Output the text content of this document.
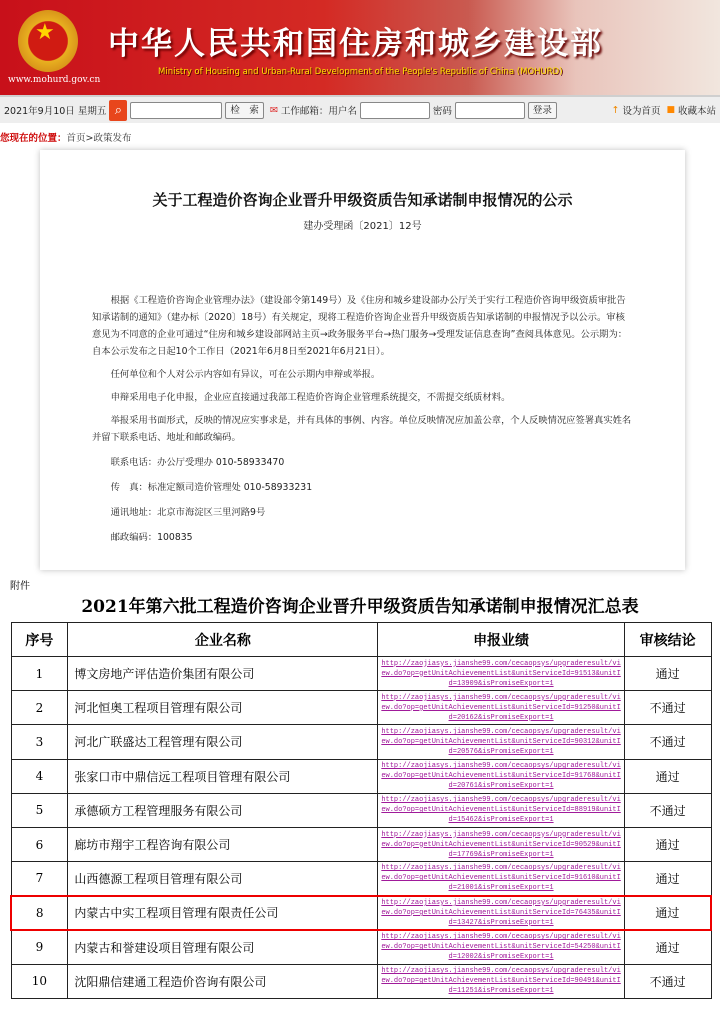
★
www.mohurd.gov.cn
中华人民共和国住房和城乡建设部
Ministry of Housing and Urban-Rural Development of the People's Republic of China (MOHURD)
2021年9月10日 星期五 ⌕	检　索	✉ 工作邮箱：用户名	密码	登录	↑ 设为首页 ■ 收藏本站
您现在的位置：首页>政策发布
关于工程造价咨询企业晋升甲级资质告知承诺制申报情况的公示
建办受理函〔2021〕12号
根据《工程造价咨询企业管理办法》（建设部令第149号）及《住房和城乡建设部办公厅关于实行工程造价咨询甲级资质审批告知承诺制的通知》（建办标〔2020〕18号）有关规定，现将工程造价咨询企业晋升甲级资质告知承诺制的申报情况予以公示。审核意见为不同意的企业可通过“住房和城乡建设部网站主页→政务服务平台→热门服务→受理发证信息查询”查阅具体意见。公示期为：自本公示发布之日起10个工作日（2021年6月8日至2021年6月21日）。
任何单位和个人对公示内容如有异议，可在公示期内申辩或举报。
申辩采用电子化申报，企业应直接通过我部工程造价咨询企业管理系统提交，不需提交纸质材料。
举报采用书面形式，反映的情况应实事求是，并有具体的事例、内容。单位反映情况应加盖公章，个人反映情况应签署真实姓名并留下联系电话、地址和邮政编码。
联系电话：办公厅受理办 010-58933470
传　真：标准定额司造价管理处 010-58933231
通讯地址：北京市海淀区三里河路9号
邮政编码：100835
附件
2021年第六批工程造价咨询企业晋升甲级资质告知承诺制申报情况汇总表
序号	企业名称	申报业绩	审核结论
1	博文房地产评估造价集团有限公司	http://zaojiasys.jianshe99.com/cecaopsys/upgraderesult/view.do?op=getUnitAchievementList&unitServiceId=91513&unitId=13909&isPromiseExport=1	通过
2	河北恒奥工程项目管理有限公司	http://zaojiasys.jianshe99.com/cecaopsys/upgraderesult/view.do?op=getUnitAchievementList&unitServiceId=91250&unitId=20162&isPromiseExport=1	不通过
3	河北广联盛达工程管理有限公司	http://zaojiasys.jianshe99.com/cecaopsys/upgraderesult/view.do?op=getUnitAchievementList&unitServiceId=90312&unitId=20576&isPromiseExport=1	不通过
4	张家口市中鼎信远工程项目管理有限公司	http://zaojiasys.jianshe99.com/cecaopsys/upgraderesult/view.do?op=getUnitAchievementList&unitServiceId=91768&unitId=20761&isPromiseExport=1	通过
5	承德硕方工程管理服务有限公司	http://zaojiasys.jianshe99.com/cecaopsys/upgraderesult/view.do?op=getUnitAchievementList&unitServiceId=88919&unitId=15462&isPromiseExport=1	不通过
6	廊坊市翔宇工程咨询有限公司	http://zaojiasys.jianshe99.com/cecaopsys/upgraderesult/view.do?op=getUnitAchievementList&unitServiceId=90529&unitId=17769&isPromiseExport=1	通过
7	山西德源工程项目管理有限公司	http://zaojiasys.jianshe99.com/cecaopsys/upgraderesult/view.do?op=getUnitAchievementList&unitServiceId=91610&unitId=21001&isPromiseExport=1	通过
8	内蒙古中实工程项目管理有限责任公司	http://zaojiasys.jianshe99.com/cecaopsys/upgraderesult/view.do?op=getUnitAchievementList&unitServiceId=76435&unitId=13427&isPromiseExport=1	通过
9	内蒙古和誉建设项目管理有限公司	http://zaojiasys.jianshe99.com/cecaopsys/upgraderesult/view.do?op=getUnitAchievementList&unitServiceId=54250&unitId=12002&isPromiseExport=1	通过
10	沈阳鼎信建通工程造价咨询有限公司	http://zaojiasys.jianshe99.com/cecaopsys/upgraderesult/view.do?op=getUnitAchievementList&unitServiceId=90491&unitId=11251&isPromiseExport=1	不通过
